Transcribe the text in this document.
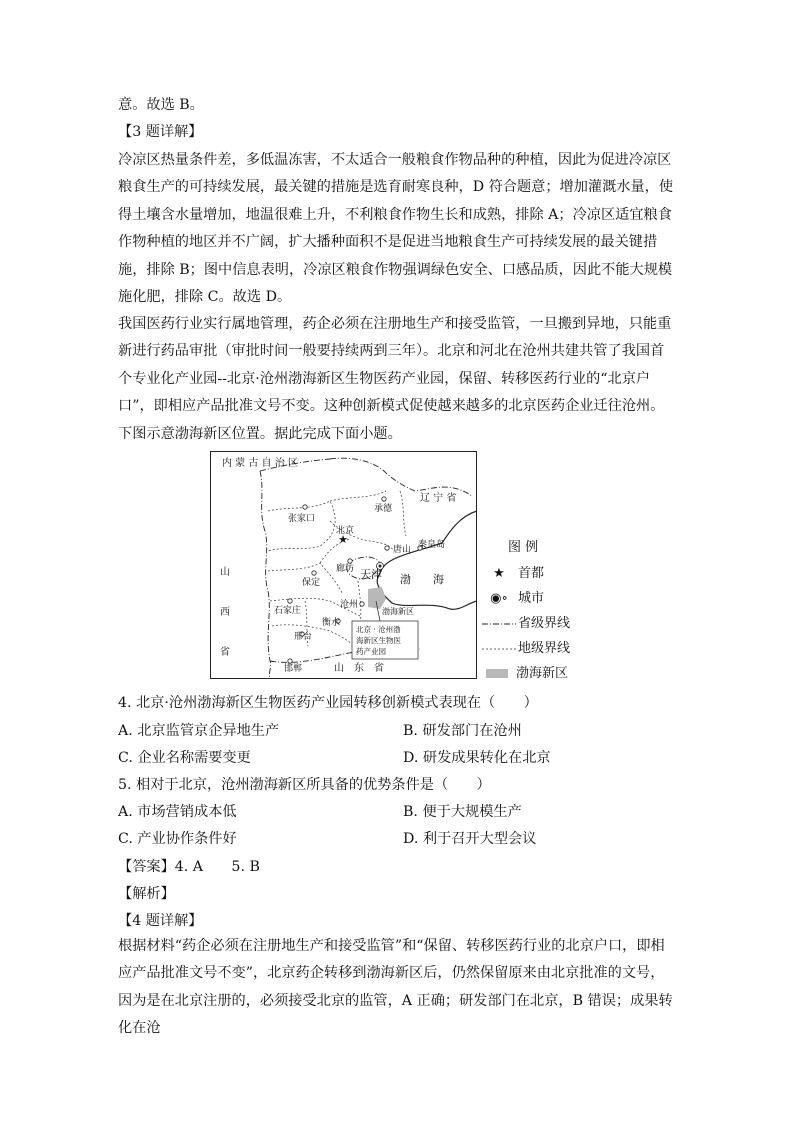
意。故选 B。

【3 题详解】

冷凉区热量条件差，多低温冻害，不太适合一般粮食作物品种的种植，因此为促进冷凉区粮食生产的可持续发展，最关键的措施是选育耐寒良种，D 符合题意；增加灌溉水量，使得土壤含水量增加，地温很难上升，不利粮食作物生长和成熟，排除 A；冷凉区适宜粮食作物种植的地区并不广阔，扩大播种面积不是促进当地粮食生产可持续发展的最关键措施，排除 B；图中信息表明，冷凉区粮食作物强调绿色安全、口感品质，因此不能大规模施化肥，排除 C。故选 D。

我国医药行业实行属地管理，药企必须在注册地生产和接受监管，一旦搬到异地，只能重新进行药品审批（审批时间一般要持续两到三年）。北京和河北在沧州共建共管了我国首个专业化产业园--北京·沧州渤海新区生物医药产业园，保留、转移医药行业的“北京户口”，即相应产品批准文号不变。这种创新模式促使越来越多的北京医药企业迁往沧州。下图示意渤海新区位置。据此完成下面小题。

★
内 蒙 古 自 治 区
辽 宁 省
张家口
承德
北京
唐山 秦皇岛
廊坊 天津
保定	渤　　海
山
西
省
石家庄
沧州
渤海新区
衡水
邢台
邯郸	山　东　省
北京 · 沧州渤
海新区生物医
药产业园
图 例
★ 首都
◉∘ 城市
省级界线
地级界线
渤海新区
4. 北京·沧州渤海新区生物医药产业园转移创新模式表现在（　　）
A. 北京监管京企异地生产	B. 研发部门在沧州
C. 企业名称需要变更	D. 研发成果转化在北京
5. 相对于北京，沧州渤海新区所具备的优势条件是（　　）
A. 市场营销成本低	B. 便于大规模生产
C. 产业协作条件好	D. 利于召开大型会议
【答案】4. A　　5. B
【解析】
【4 题详解】

根据材料“药企必须在注册地生产和接受监管”和“保留、转移医药行业的北京户口，即相应产品批准文号不变”，北京药企转移到渤海新区后，仍然保留原来由北京批准的文号，因为是在北京注册的，必须接受北京的监管，A 正确；研发部门在北京，B 错误；成果转化在沧
